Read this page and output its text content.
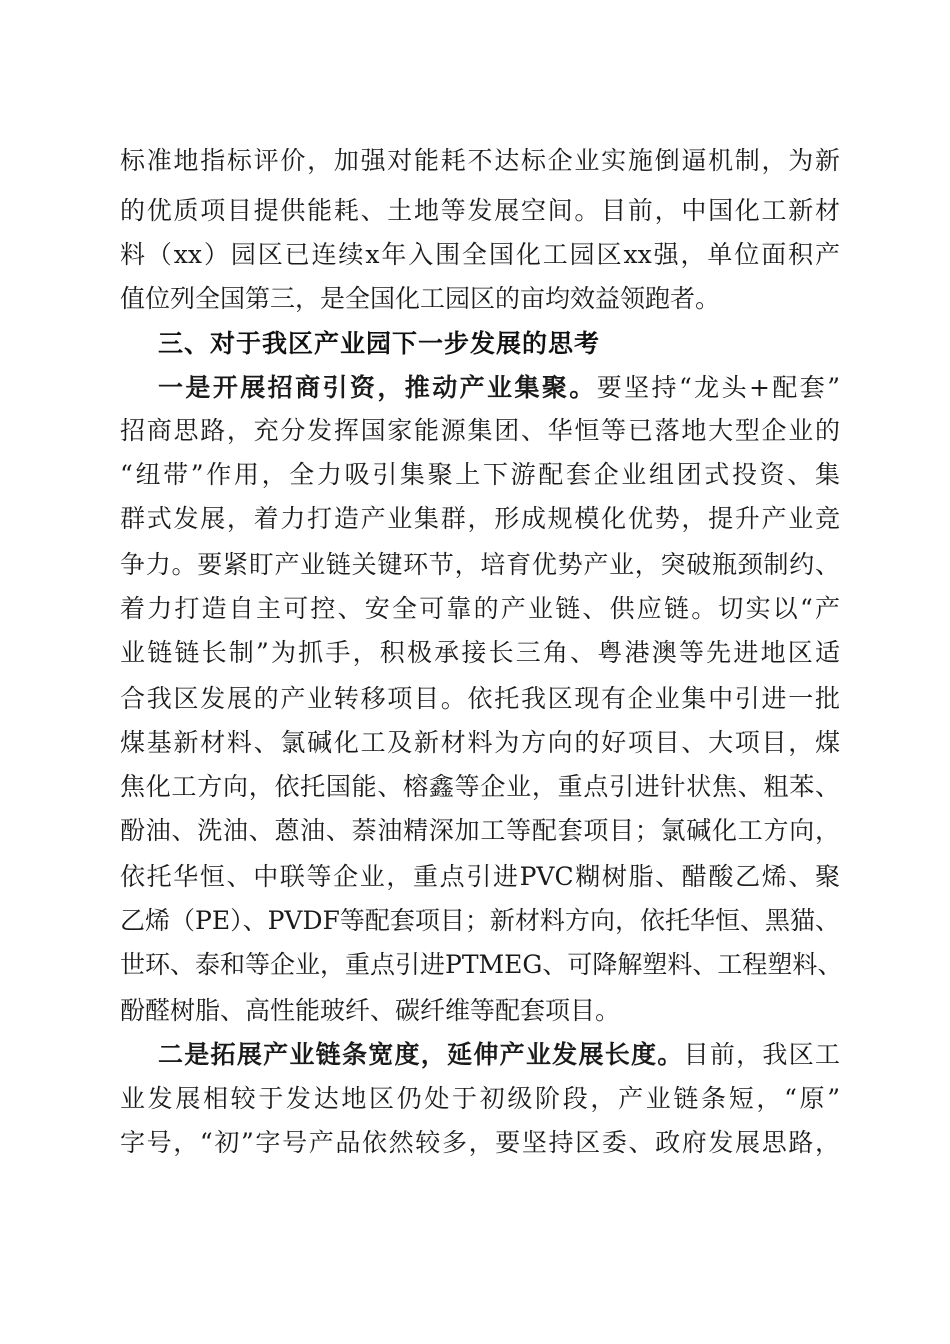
标准地指标评价，加强对能耗不达标企业实施倒逼机制，为新
的优质项目提供能耗、土地等发展空间。目前，中国化工新材
料（xx）园区已连续x年入围全国化工园区xx强，单位面积产
值位列全国第三，是全国化工园区的亩均效益领跑者。
三、对于我区产业园下一步发展的思考
一是开展招商引资，推动产业集聚。要坚持“龙头+配套”
招商思路，充分发挥国家能源集团、华恒等已落地大型企业的
“纽带”作用，全力吸引集聚上下游配套企业组团式投资、集
群式发展，着力打造产业集群，形成规模化优势，提升产业竞
争力。要紧盯产业链关键环节，培育优势产业，突破瓶颈制约、
着力打造自主可控、安全可靠的产业链、供应链。切实以“产
业链链长制”为抓手，积极承接长三角、粤港澳等先进地区适
合我区发展的产业转移项目。依托我区现有企业集中引进一批
煤基新材料、氯碱化工及新材料为方向的好项目、大项目，煤
焦化工方向，依托国能、榕鑫等企业，重点引进针状焦、粗苯、
酚油、洗油、蒽油、萘油精深加工等配套项目；氯碱化工方向，
依托华恒、中联等企业，重点引进PVC糊树脂、醋酸乙烯、聚
乙烯（PE）、PVDF等配套项目；新材料方向，依托华恒、黑猫、
世环、泰和等企业，重点引进PTMEG、可降解塑料、工程塑料、
酚醛树脂、高性能玻纤、碳纤维等配套项目。
二是拓展产业链条宽度，延伸产业发展长度。目前，我区工
业发展相较于发达地区仍处于初级阶段，产业链条短，“原”
字号，“初”字号产品依然较多，要坚持区委、政府发展思路，
